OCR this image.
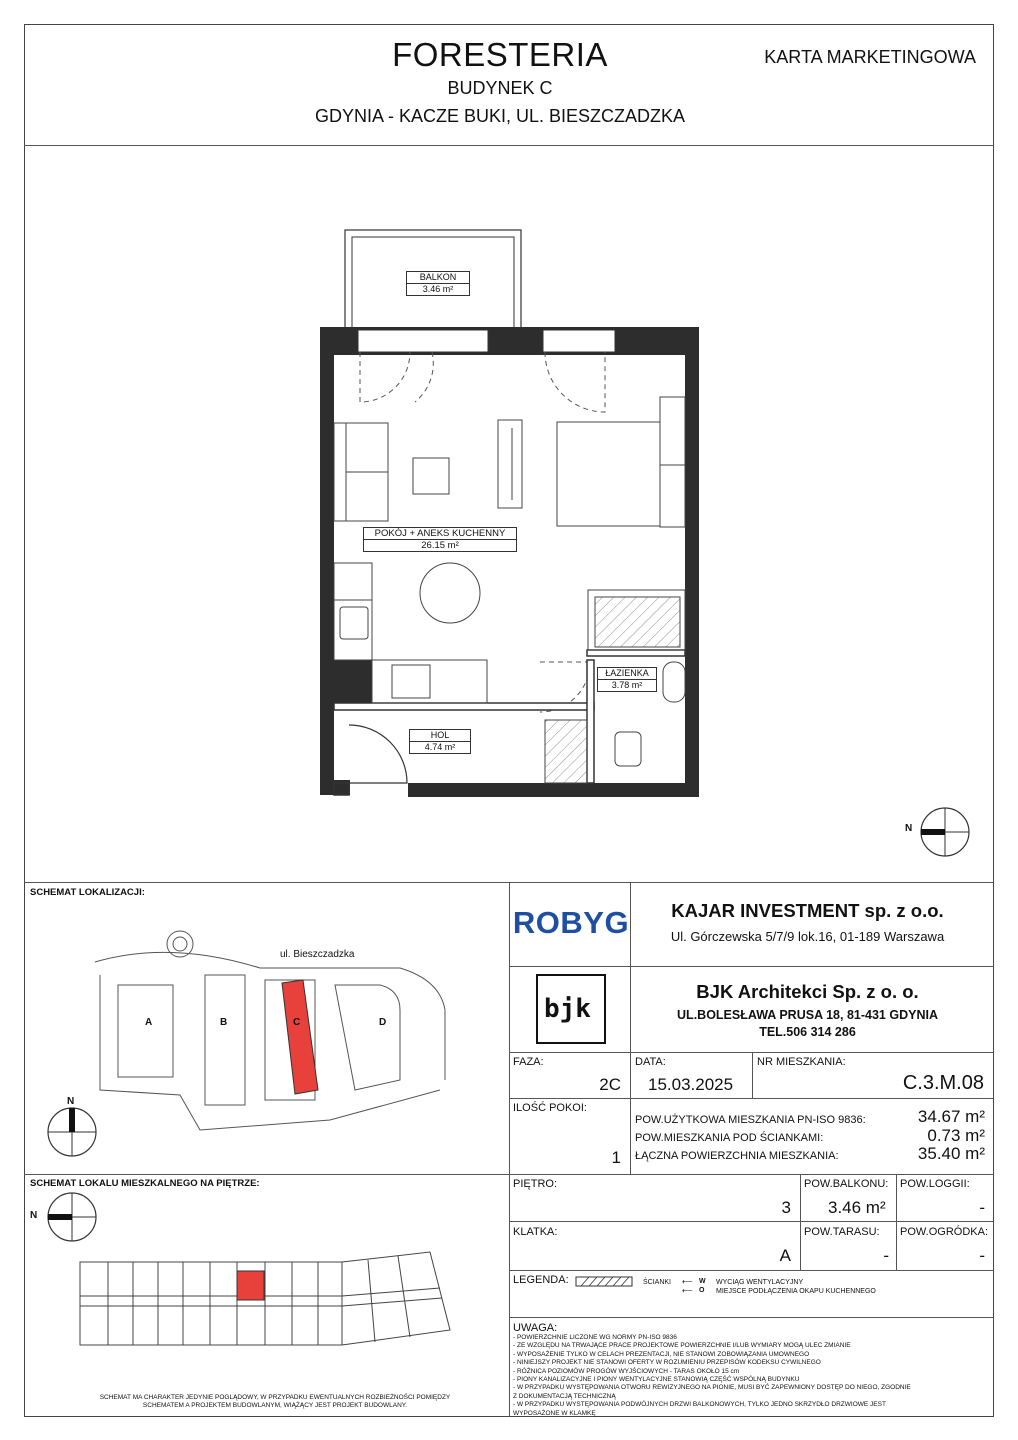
FORESTERIA
BUDYNEK C
GDYNIA - KACZE BUKI, UL. BIESZCZADZKA
KARTA MARKETINGOWA
BALKON
3.46 m²
POKÓJ + ANEKS KUCHENNY
26.15 m²
ŁAZIENKA
3.78 m²
HOL
4.74 m²
N
SCHEMAT LOKALIZACJI:
ul. Bieszczadzka
A	B	C	D
N
SCHEMAT LOKALU MIESZKALNEGO NA PIĘTRZE:
N
SCHEMAT MA CHARAKTER JEDYNIE POGLĄDOWY, W PRZYPADKU EWENTUALNYCH ROZBIEŻNOŚCI POMIĘDZY SCHEMATEM A PROJEKTEM BUDOWLANYM, WIĄŻĄCY JEST PROJEKT BUDOWLANY.
ROBYG	KAJAR INVESTMENT sp. z o.o.
Ul. Górczewska 5/7/9 lok.16, 01-189 Warszawa
bjk
BJK Architekci Sp. z o. o.
UL.BOLESŁAWA PRUSA 18, 81-431 GDYNIA
TEL.506 314 286
FAZA:
2C
DATA:
15.03.2025
NR MIESZKANIA:
C.3.M.08
ILOŚĆ POKOI:
1
POW.UŻYTKOWA MIESZKANIA PN-ISO 9836:	34.67 m²
POW.MIESZKANIA POD ŚCIANKAMI:	0.73 m²
ŁĄCZNA POWIERZCHNIA MIESZKANIA:	35.40 m²
PIĘTRO:
3
POW.BALKONU:
3.46 m²
POW.LOGGII:
-
KLATKA:
A
POW.TARASU:
-
POW.OGRÓDKA:
-
LEGENDA:	ŚCIANKI ⟵ W WYCIĄG WENTYLACYJNY
⟵ O MIEJSCE PODŁĄCZENIA OKAPU KUCHENNEGO
UWAGA:
- POWIERZCHNIE LICZONE WG NORMY PN-ISO 9836
- ZE WZGLĘDU NA TRWAJĄCE PRACE PROJEKTOWE POWIERZCHNIE I/LUB WYMIARY MOGĄ ULEC ZMIANIE
- WYPOSAŻENIE TYLKO W CELACH PREZENTACJI, NIE STANOWI ZOBOWIĄZANIA UMOWNEGO
- NINIEJSZY PROJEKT NIE STANOWI OFERTY W ROZUMIENIU PRZEPISÓW KODEKSU CYWILNEGO
- RÓŻNICA POZIOMÓW PROGÓW WYJŚCIOWYCH - TARAS OKOŁO 15 cm
- PIONY KANALIZACYJNE I PIONY WENTYLACYJNE STANOWIĄ CZĘŚĆ WSPÓLNĄ BUDYNKU
- W PRZYPADKU WYSTĘPOWANIA OTWORU REWIZYJNEGO NA PIONIE, MUSI BYĆ ZAPEWNIONY DOSTĘP DO NIEGO, ZGODNIE Z DOKUMENTACJĄ TECHNICZNĄ
- W PRZYPADKU WYSTĘPOWANIA PODWÓJNYCH DRZWI BALKONOWYCH, TYLKO JEDNO SKRZYDŁO DRZWIOWE JEST WYPOSAŻONE W KLAMKĘ
